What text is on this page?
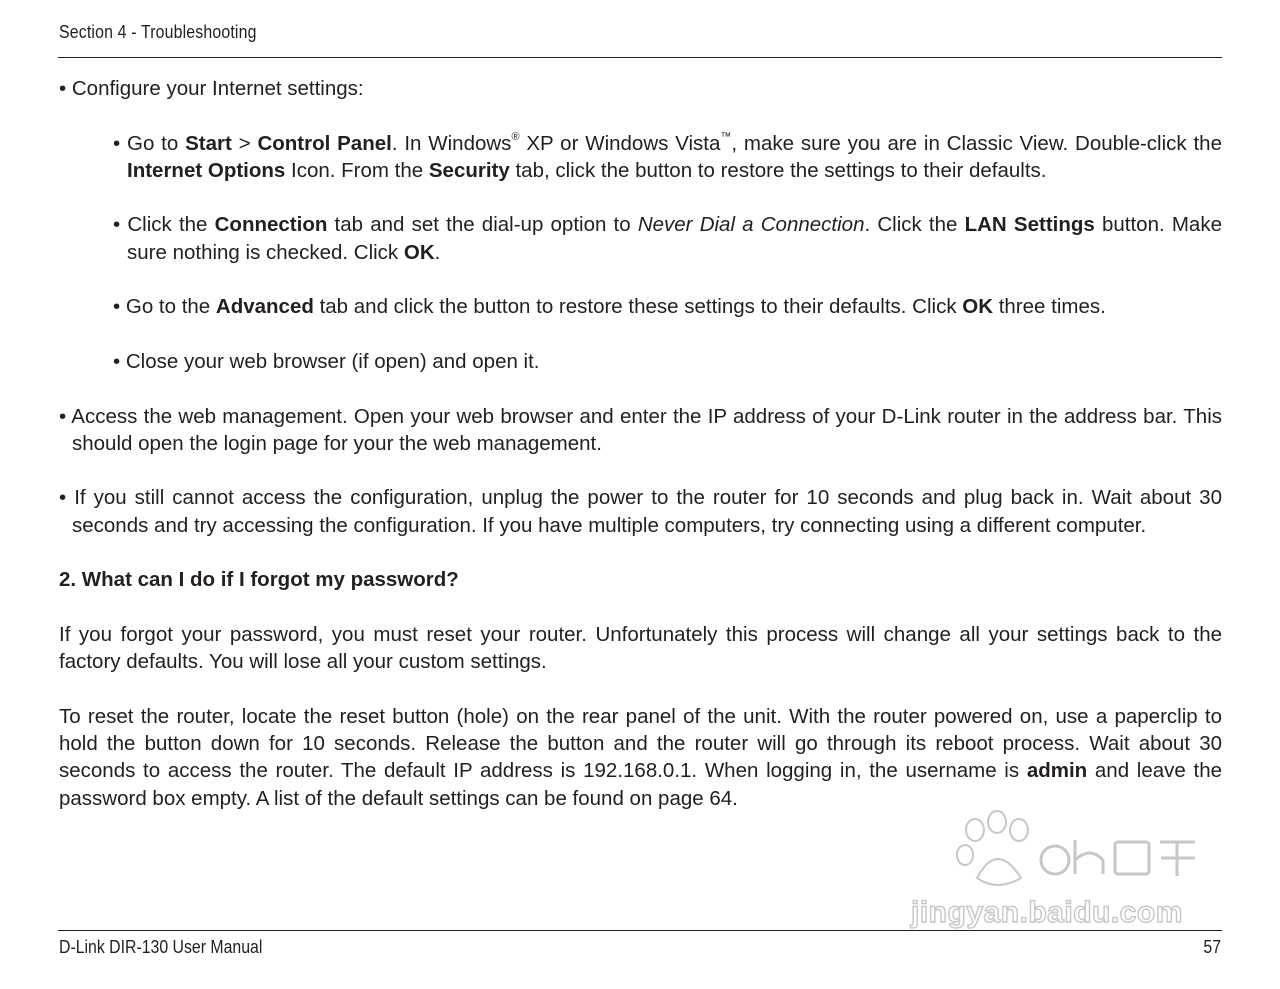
Section 4 - Troubleshooting

• Configure your Internet settings:

• Go to Start > Control Panel. In Windows® XP or Windows Vista™, make sure you are in Classic View. Double-click the Internet Options Icon. From the Security tab, click the button to restore the settings to their defaults.

• Click the Connection tab and set the dial-up option to Never Dial a Connection. Click the LAN Settings button. Make sure nothing is checked. Click OK.

• Go to the Advanced tab and click the button to restore these settings to their defaults. Click OK three times.

• Close your web browser (if open) and open it.

• Access the web management. Open your web browser and enter the IP address of your D-Link router in the address bar. This should open the login page for your the web management.

• If you still cannot access the configuration, unplug the power to the router for 10 seconds and plug back in. Wait about 30 seconds and try accessing the configuration. If you have multiple computers, try connecting using a different computer.

2. What can I do if I forgot my password?

If you forgot your password, you must reset your router. Unfortunately this process will change all your settings back to the factory defaults. You will lose all your custom settings.

To reset the router, locate the reset button (hole) on the rear panel of the unit. With the router powered on, use a paperclip to hold the button down for 10 seconds. Release the button and the router will go through its reboot process. Wait about 30 seconds to access the router. The default IP address is 192.168.0.1. When logging in, the username is admin and leave the password box empty. A list of the default settings can be found on page 64.

jingyan.baidu.com
D-Link DIR-130 User Manual	57
